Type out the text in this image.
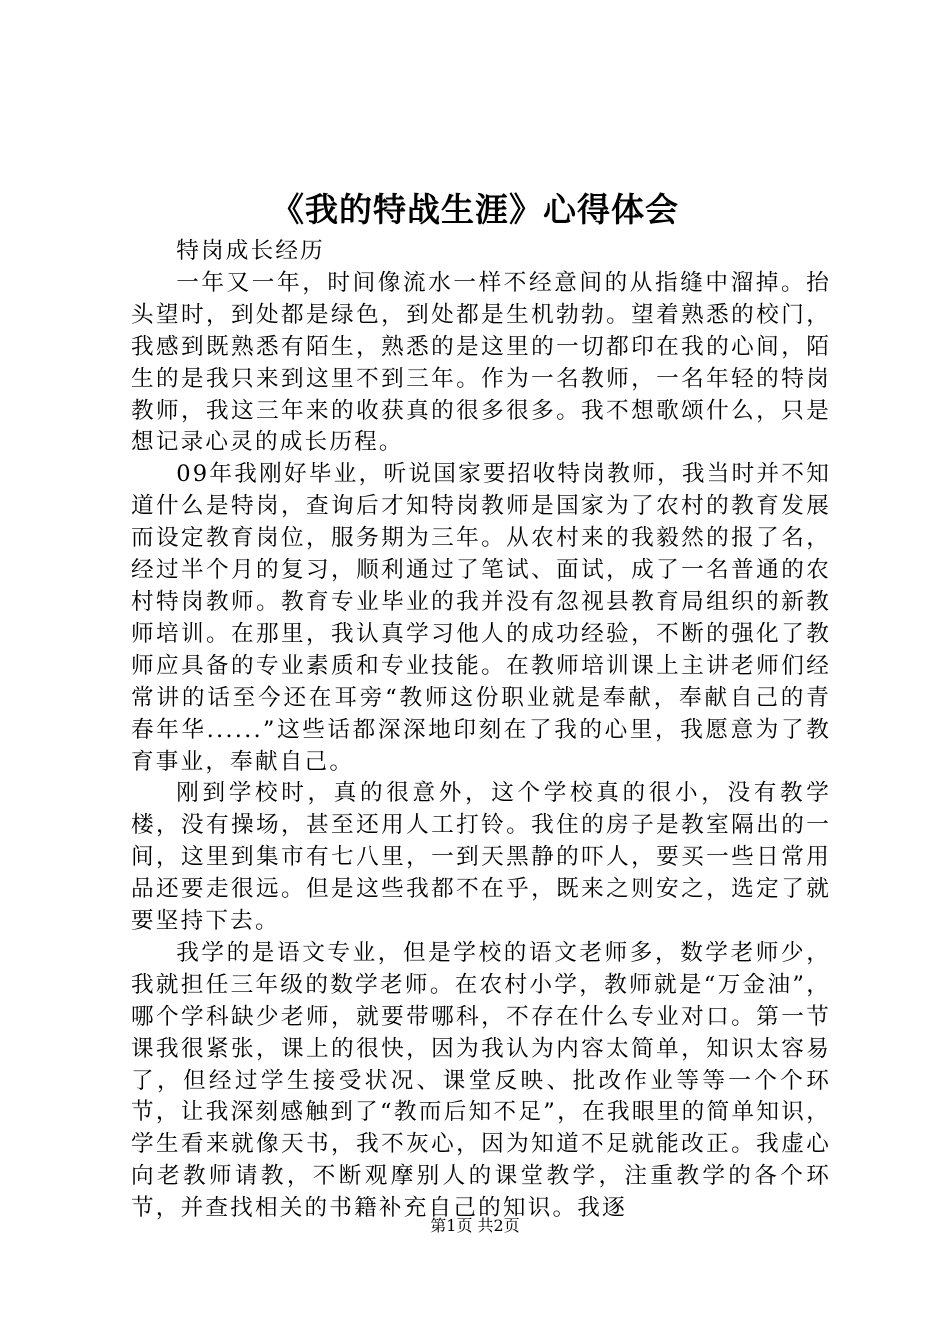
《我的特战生涯》心得体会

特岗成长经历

一年又一年，时间像流水一样不经意间的从指缝中溜掉。抬头望时，到处都是绿色，到处都是生机勃勃。望着熟悉的校门，我感到既熟悉有陌生，熟悉的是这里的一切都印在我的心间，陌生的是我只来到这里不到三年。作为一名教师，一名年轻的特岗教师，我这三年来的收获真的很多很多。我不想歌颂什么，只是想记录心灵的成长历程。

09年我刚好毕业，听说国家要招收特岗教师，我当时并不知道什么是特岗，查询后才知特岗教师是国家为了农村的教育发展而设定教育岗位，服务期为三年。从农村来的我毅然的报了名，经过半个月的复习，顺利通过了笔试、面试，成了一名普通的农村特岗教师。教育专业毕业的我并没有忽视县教育局组织的新教师培训。在那里，我认真学习他人的成功经验，不断的强化了教师应具备的专业素质和专业技能。在教师培训课上主讲老师们经常讲的话至今还在耳旁“教师这份职业就是奉献，奉献自己的青春年华......”这些话都深深地印刻在了我的心里，我愿意为了教育事业，奉献自己。

刚到学校时，真的很意外，这个学校真的很小，没有教学楼，没有操场，甚至还用人工打铃。我住的房子是教室隔出的一间，这里到集市有七八里，一到天黑静的吓人，要买一些日常用品还要走很远。但是这些我都不在乎，既来之则安之，选定了就要坚持下去。

我学的是语文专业，但是学校的语文老师多，数学老师少，我就担任三年级的数学老师。在农村小学，教师就是“万金油”，哪个学科缺少老师，就要带哪科，不存在什么专业对口。第一节课我很紧张，课上的很快，因为我认为内容太简单，知识太容易了，但经过学生接受状况、课堂反映、批改作业等等一个个环节，让我深刻感触到了“教而后知不足”，在我眼里的简单知识，学生看来就像天书，我不灰心，因为知道不足就能改正。我虚心向老教师请教，不断观摩别人的课堂教学，注重教学的各个环节，并查找相关的书籍补充自己的知识。我逐

第1页 共2页
